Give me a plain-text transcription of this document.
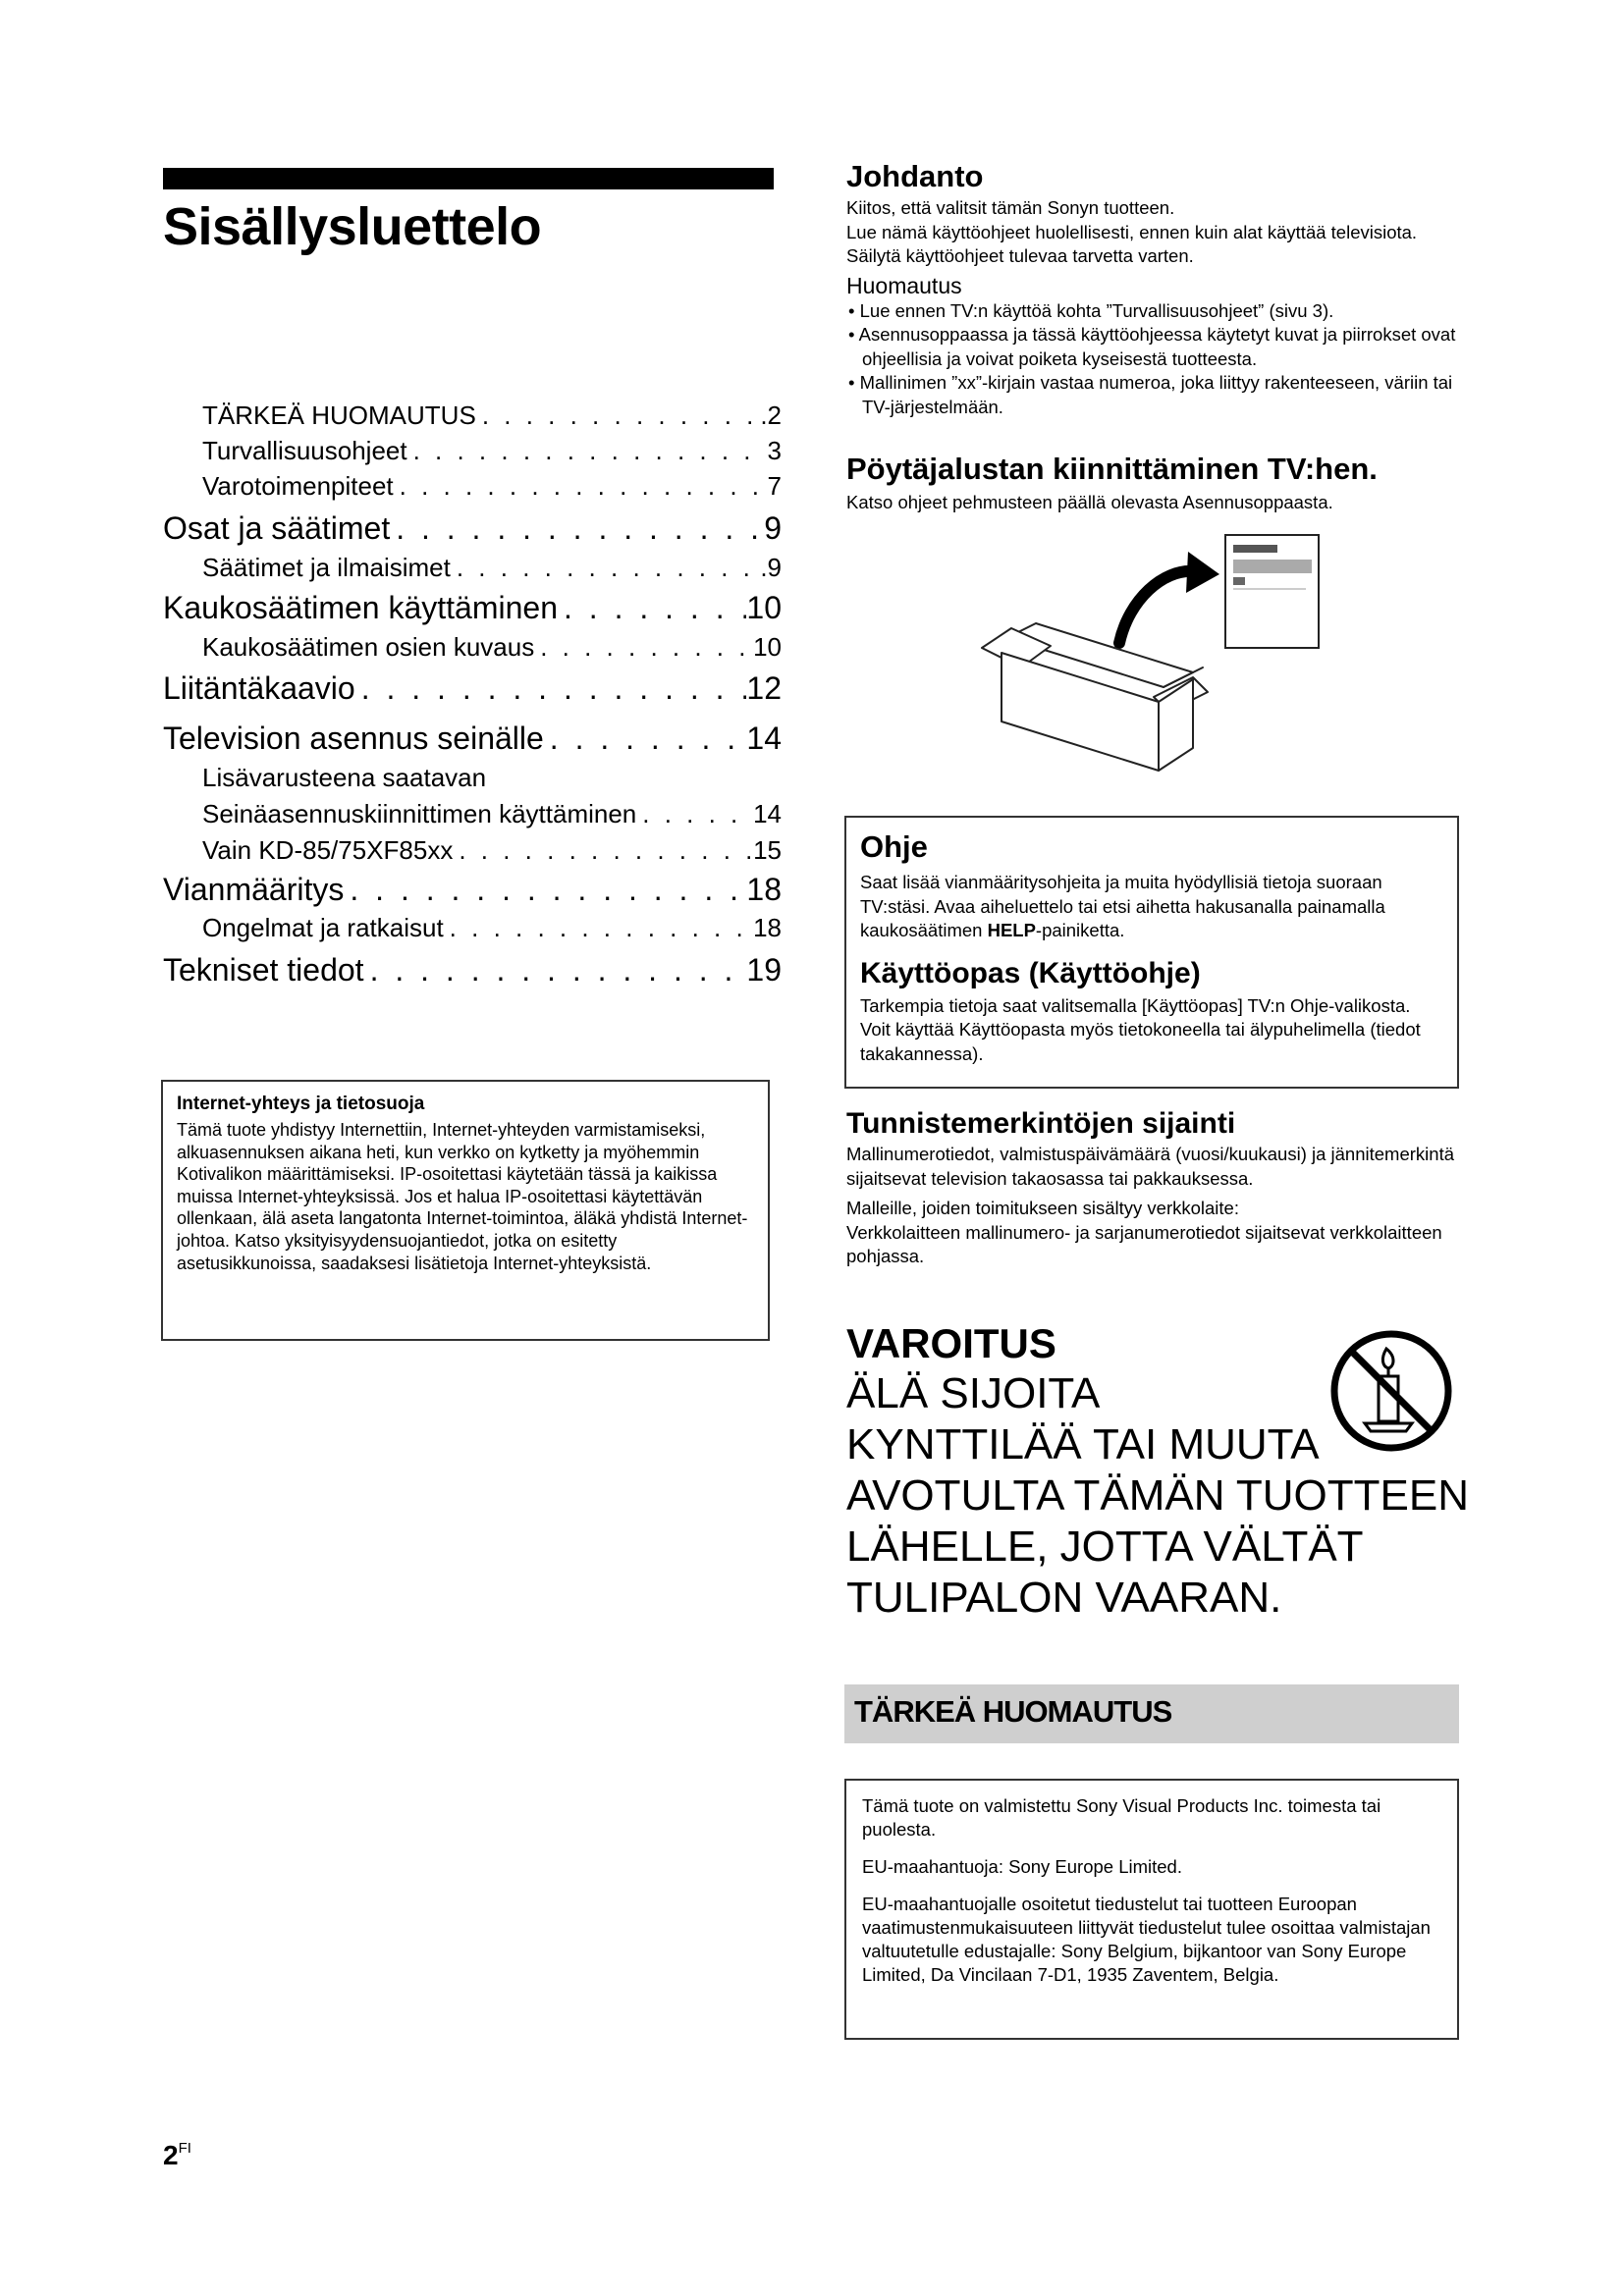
Sisällysluettelo
TÄRKEÄ HUOMAUTUS . . .	.2
Turvallisuusohjeet . . .	3
Varotoimenpiteet . . .	7
Osat ja säätimet . . .	9
Säätimet ja ilmaisimet . . .	.9
Kaukosäätimen käyttäminen . . .	10
Kaukosäätimen osien kuvaus . . .	10
Liitäntäkaavio . . .	12
Television asennus seinälle . . .	14
Lisävarusteena saatavan
Seinäasennuskiinnittimen käyttäminen . . .	14
Vain KD-85/75XF85xx . . .	15
Vianmääritys . . .	18
Ongelmat ja ratkaisut . . .	18
Tekniset tiedot . . .	19
Internet-yhteys ja tietosuoja

Tämä tuote yhdistyy Internettiin, Internet-yhteyden varmistamiseksi, alkuasennuksen aikana heti, kun verkko on kytketty ja myöhemmin Kotivalikon määrittämiseksi. IP-osoitettasi käytetään tässä ja kaikissa muissa Internet-yhteyksissä. Jos et halua IP-osoitettasi käytettävän ollenkaan, älä aseta langatonta Internet-toimintoa, äläkä yhdistä Internet-johtoa. Katso yksityisyydensuojantiedot, jotka on esitetty asetusikkunoissa, saadaksesi lisätietoja Internet-yhteyksistä.

$2^{FI}$
Johdanto

Kiitos, että valitsit tämän Sonyn tuotteen.

Lue nämä käyttöohjeet huolellisesti, ennen kuin alat käyttää televisiota. Säilytä käyttöohjeet tulevaa tarvetta varten.

Huomautus

• Lue ennen TV:n käyttöä kohta ”Turvallisuusohjeet” (sivu 3).
• Asennusoppaassa ja tässä käyttöohjeessa käytetyt kuvat ja piirrokset ovat ohjeellisia ja voivat poiketa kyseisestä tuotteesta.
• Mallinimen ”xx”-kirjain vastaa numeroa, joka liittyy rakenteeseen, väriin tai TV-järjestelmään.
Pöytäjalustan kiinnittäminen TV:hen.

Katso ohjeet pehmusteen päällä olevasta Asennusoppaasta.

Ohje

Saat lisää vianmääritysohjeita ja muita hyödyllisiä tietoja suoraan TV:stäsi. Avaa aiheluettelo tai etsi aihetta hakusanalla painamalla kaukosäätimen HELP-painiketta.

Käyttöopas (Käyttöohje)

Tarkempia tietoja saat valitsemalla [Käyttöopas] TV:n Ohje-valikosta. Voit käyttää Käyttöopasta myös tietokoneella tai älypuhelimella (tiedot takakannessa).

Tunnistemerkintöjen sijainti

Mallinumerotiedot, valmistuspäivämäärä (vuosi/kuukausi) ja jännitemerkintä sijaitsevat television takaosassa tai pakkauksessa.

Malleille, joiden toimitukseen sisältyy verkkolaite:

Verkkolaitteen mallinumero- ja sarjanumerotiedot sijaitsevat verkkolaitteen pohjassa.

VAROITUS
ÄLÄ SIJOITA
KYNTTILÄÄ TAI MUUTA
AVOTULTA TÄMÄN TUOTTEEN
LÄHELLE, JOTTA VÄLTÄT
TULIPALON VAARAN.
TÄRKEÄ HUOMAUTUS

Tämä tuote on valmistettu Sony Visual Products Inc. toimesta tai puolesta.

EU-maahantuoja: Sony Europe Limited.

EU-maahantuojalle osoitetut tiedustelut tai tuotteen Euroopan vaatimustenmukaisuuteen liittyvät tiedustelut tulee osoittaa valmistajan valtuutetulle edustajalle: Sony Belgium, bijkantoor van Sony Europe Limited, Da Vincilaan 7-D1, 1935 Zaventem, Belgia.
